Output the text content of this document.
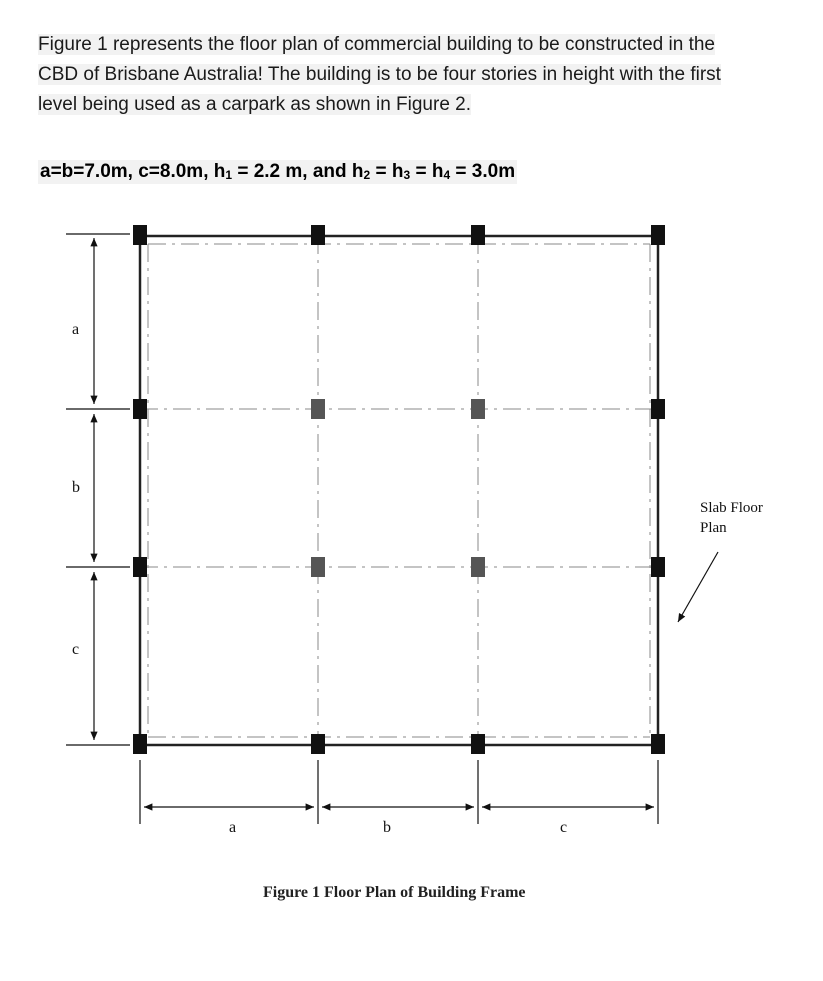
Figure 1 represents the floor plan of commercial building to be constructed in the
CBD of Brisbane Australia! The building is to be four stories in height with the first
level being used as a carpark as shown in Figure 2.
a=b=7.0m, c=8.0m, $h_1 = 2.2$ m, and $h_2 = h_3 = h_4 = 3.0m$
a
b
c
a	b	c
Slab Floor
Plan
Figure 1 Floor Plan of Building Frame
